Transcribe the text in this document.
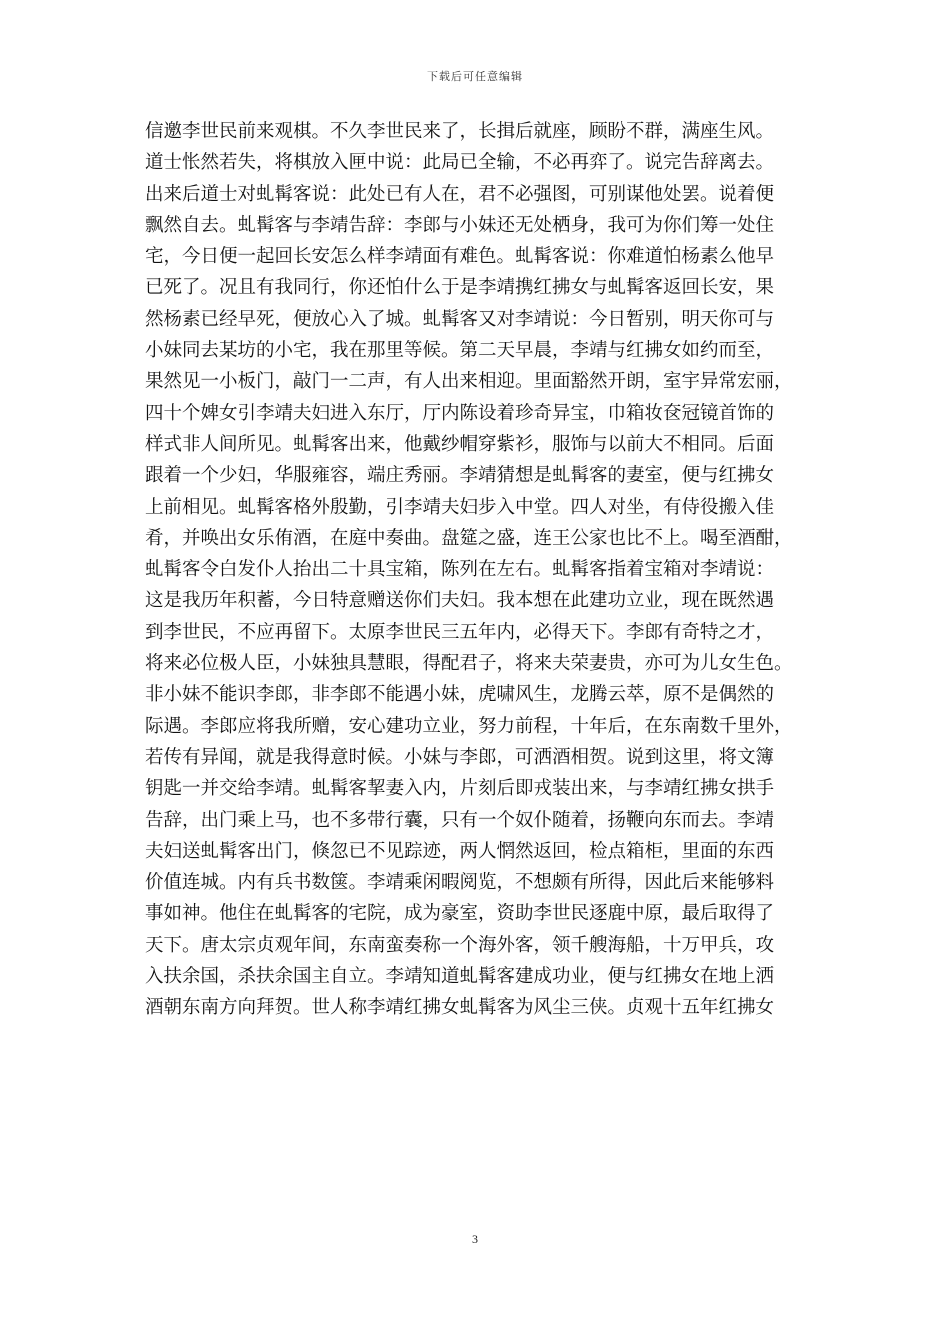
下载后可任意编辑
信邀李世民前来观棋。不久李世民来了，长揖后就座，顾盼不群，满座生风。
道士怅然若失，将棋放入匣中说：此局已全输，不必再弈了。说完告辞离去。
出来后道士对虬髯客说：此处已有人在，君不必强图，可别谋他处罢。说着便
飘然自去。虬髯客与李靖告辞：李郎与小妹还无处栖身，我可为你们筹一处住
宅，今日便一起回长安怎么样李靖面有难色。虬髯客说：你难道怕杨素么他早
已死了。况且有我同行，你还怕什么于是李靖携红拂女与虬髯客返回长安，果
然杨素已经早死，便放心入了城。虬髯客又对李靖说：今日暂别，明天你可与
小妹同去某坊的小宅，我在那里等候。第二天早晨，李靖与红拂女如约而至，
果然见一小板门，敲门一二声，有人出来相迎。里面豁然开朗，室宇异常宏丽，
四十个婢女引李靖夫妇进入东厅，厅内陈设着珍奇异宝，巾箱妆奁冠镜首饰的
样式非人间所见。虬髯客出来，他戴纱帽穿紫衫，服饰与以前大不相同。后面
跟着一个少妇，华服雍容，端庄秀丽。李靖猜想是虬髯客的妻室，便与红拂女
上前相见。虬髯客格外殷勤，引李靖夫妇步入中堂。四人对坐，有侍役搬入佳
肴，并唤出女乐侑酒，在庭中奏曲。盘筵之盛，连王公家也比不上。喝至酒酣，
虬髯客令白发仆人抬出二十具宝箱，陈列在左右。虬髯客指着宝箱对李靖说：
这是我历年积蓄，今日特意赠送你们夫妇。我本想在此建功立业，现在既然遇
到李世民，不应再留下。太原李世民三五年内，必得天下。李郎有奇特之才，
将来必位极人臣，小妹独具慧眼，得配君子，将来夫荣妻贵，亦可为儿女生色。
非小妹不能识李郎，非李郎不能遇小妹，虎啸风生，龙腾云萃，原不是偶然的
际遇。李郎应将我所赠，安心建功立业，努力前程，十年后，在东南数千里外，
若传有异闻，就是我得意时候。小妹与李郎，可洒酒相贺。说到这里，将文簿
钥匙一并交给李靖。虬髯客挈妻入内，片刻后即戎装出来，与李靖红拂女拱手
告辞，出门乘上马，也不多带行囊，只有一个奴仆随着，扬鞭向东而去。李靖
夫妇送虬髯客出门，倏忽已不见踪迹，两人惘然返回，检点箱柜，里面的东西
价值连城。内有兵书数箧。李靖乘闲暇阅览，不想颇有所得，因此后来能够料
事如神。他住在虬髯客的宅院，成为豪室，资助李世民逐鹿中原，最后取得了
天下。唐太宗贞观年间，东南蛮奏称一个海外客，领千艘海船，十万甲兵，攻
入扶余国，杀扶余国主自立。李靖知道虬髯客建成功业，便与红拂女在地上洒
酒朝东南方向拜贺。世人称李靖红拂女虬髯客为风尘三侠。贞观十五年红拂女
3
